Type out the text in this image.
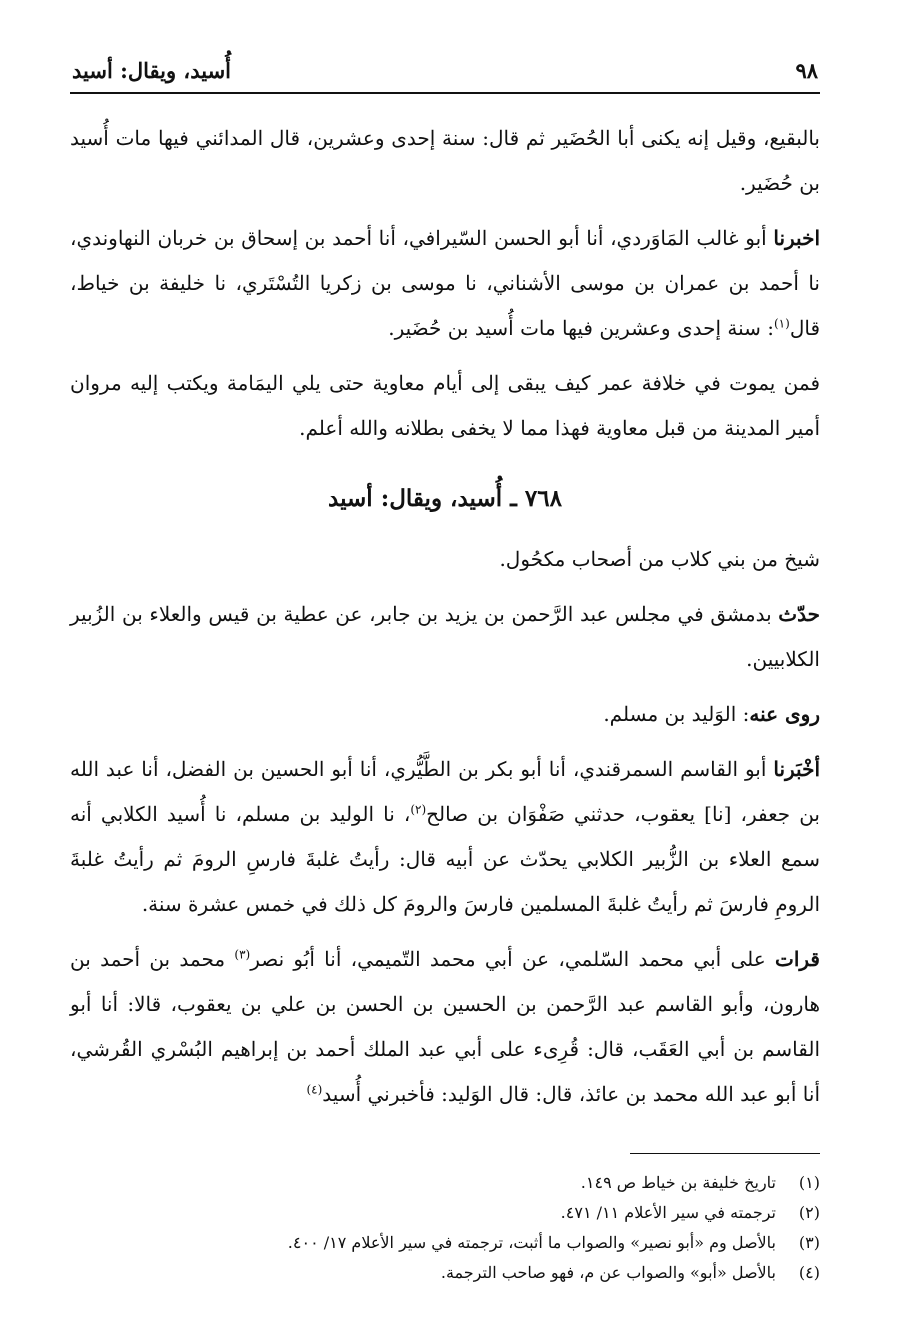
٩٨
أُسيد، ويقال: أسيد

بالبقيع، وقيل إنه يكنى أبا الحُضَير ثم قال: سنة إحدى وعشرين، قال المدائني فيها مات أُسيد بن حُضَير.

اخبرنا أبو غالب المَاوَردي، أنا أبو الحسن السّيرافي، أنا أحمد بن إسحاق بن خربان النهاوندي، نا أحمد بن عمران بن موسى الأشناني، نا موسى بن زكريا التُسْتَري، نا خليفة بن خياط، قال$^{(١)}$: سنة إحدى وعشرين فيها مات أُسيد بن حُضَير.

فمن يموت في خلافة عمر كيف يبقى إلى أيام معاوية حتى يلي اليمَامة ويكتب إليه مروان أمير المدينة من قبل معاوية فهذا مما لا يخفى بطلانه والله أعلم.

٧٦٨ ـ أُسيد، ويقال: أسيد

شيخ من بني كلاب من أصحاب مكحُول.

حدّث بدمشق في مجلس عبد الرَّحمن بن يزيد بن جابر، عن عطية بن قيس والعلاء بن الزُبير الكلابيين.

روى عنه: الوَليد بن مسلم.

أخْبَرنا أبو القاسم السمرقندي، أنا أبو بكر بن الطَّيُّري، أنا أبو الحسين بن الفضل، أنا عبد الله بن جعفر، [نا] يعقوب، حدثني صَفْوَان بن صالح$^{(٢)}$، نا الوليد بن مسلم، نا أُسيد الكلابي أنه سمع العلاء بن الزُّبير الكلابي يحدّث عن أبيه قال: رأيتُ غلبةَ فارسِ الرومَ ثم رأيتُ غلبةَ الرومِ فارسَ ثم رأيتُ غلبةَ المسلمين فارسَ والرومَ كل ذلك في خمس عشرة سنة.

قرات على أبي محمد السّلمي، عن أبي محمد التّميمي، أنا أبُو نصر$^{(٣)}$ محمد بن أحمد بن هارون، وأبو القاسم عبد الرَّحمن بن الحسين بن الحسن بن علي بن يعقوب، قالا: أنا أبو القاسم بن أبي العَقَب، قال: قُرِىء على أبي عبد الملك أحمد بن إبراهيم البُسْري القُرشي، أنا أبو عبد الله محمد بن عائذ، قال: قال الوَليد: فأخبرني أُسيد$^{(٤)}$

(١)
تاريخ خليفة بن خياط ص ١٤٩.
(٢)
ترجمته في سير الأعلام ١١/ ٤٧١.
(٣)
بالأصل وم «أبو نصير» والصواب ما أثبت، ترجمته في سير الأعلام ١٧/ ٤٠٠.
(٤)
بالأصل «أبو» والصواب عن م، فهو صاحب الترجمة.
